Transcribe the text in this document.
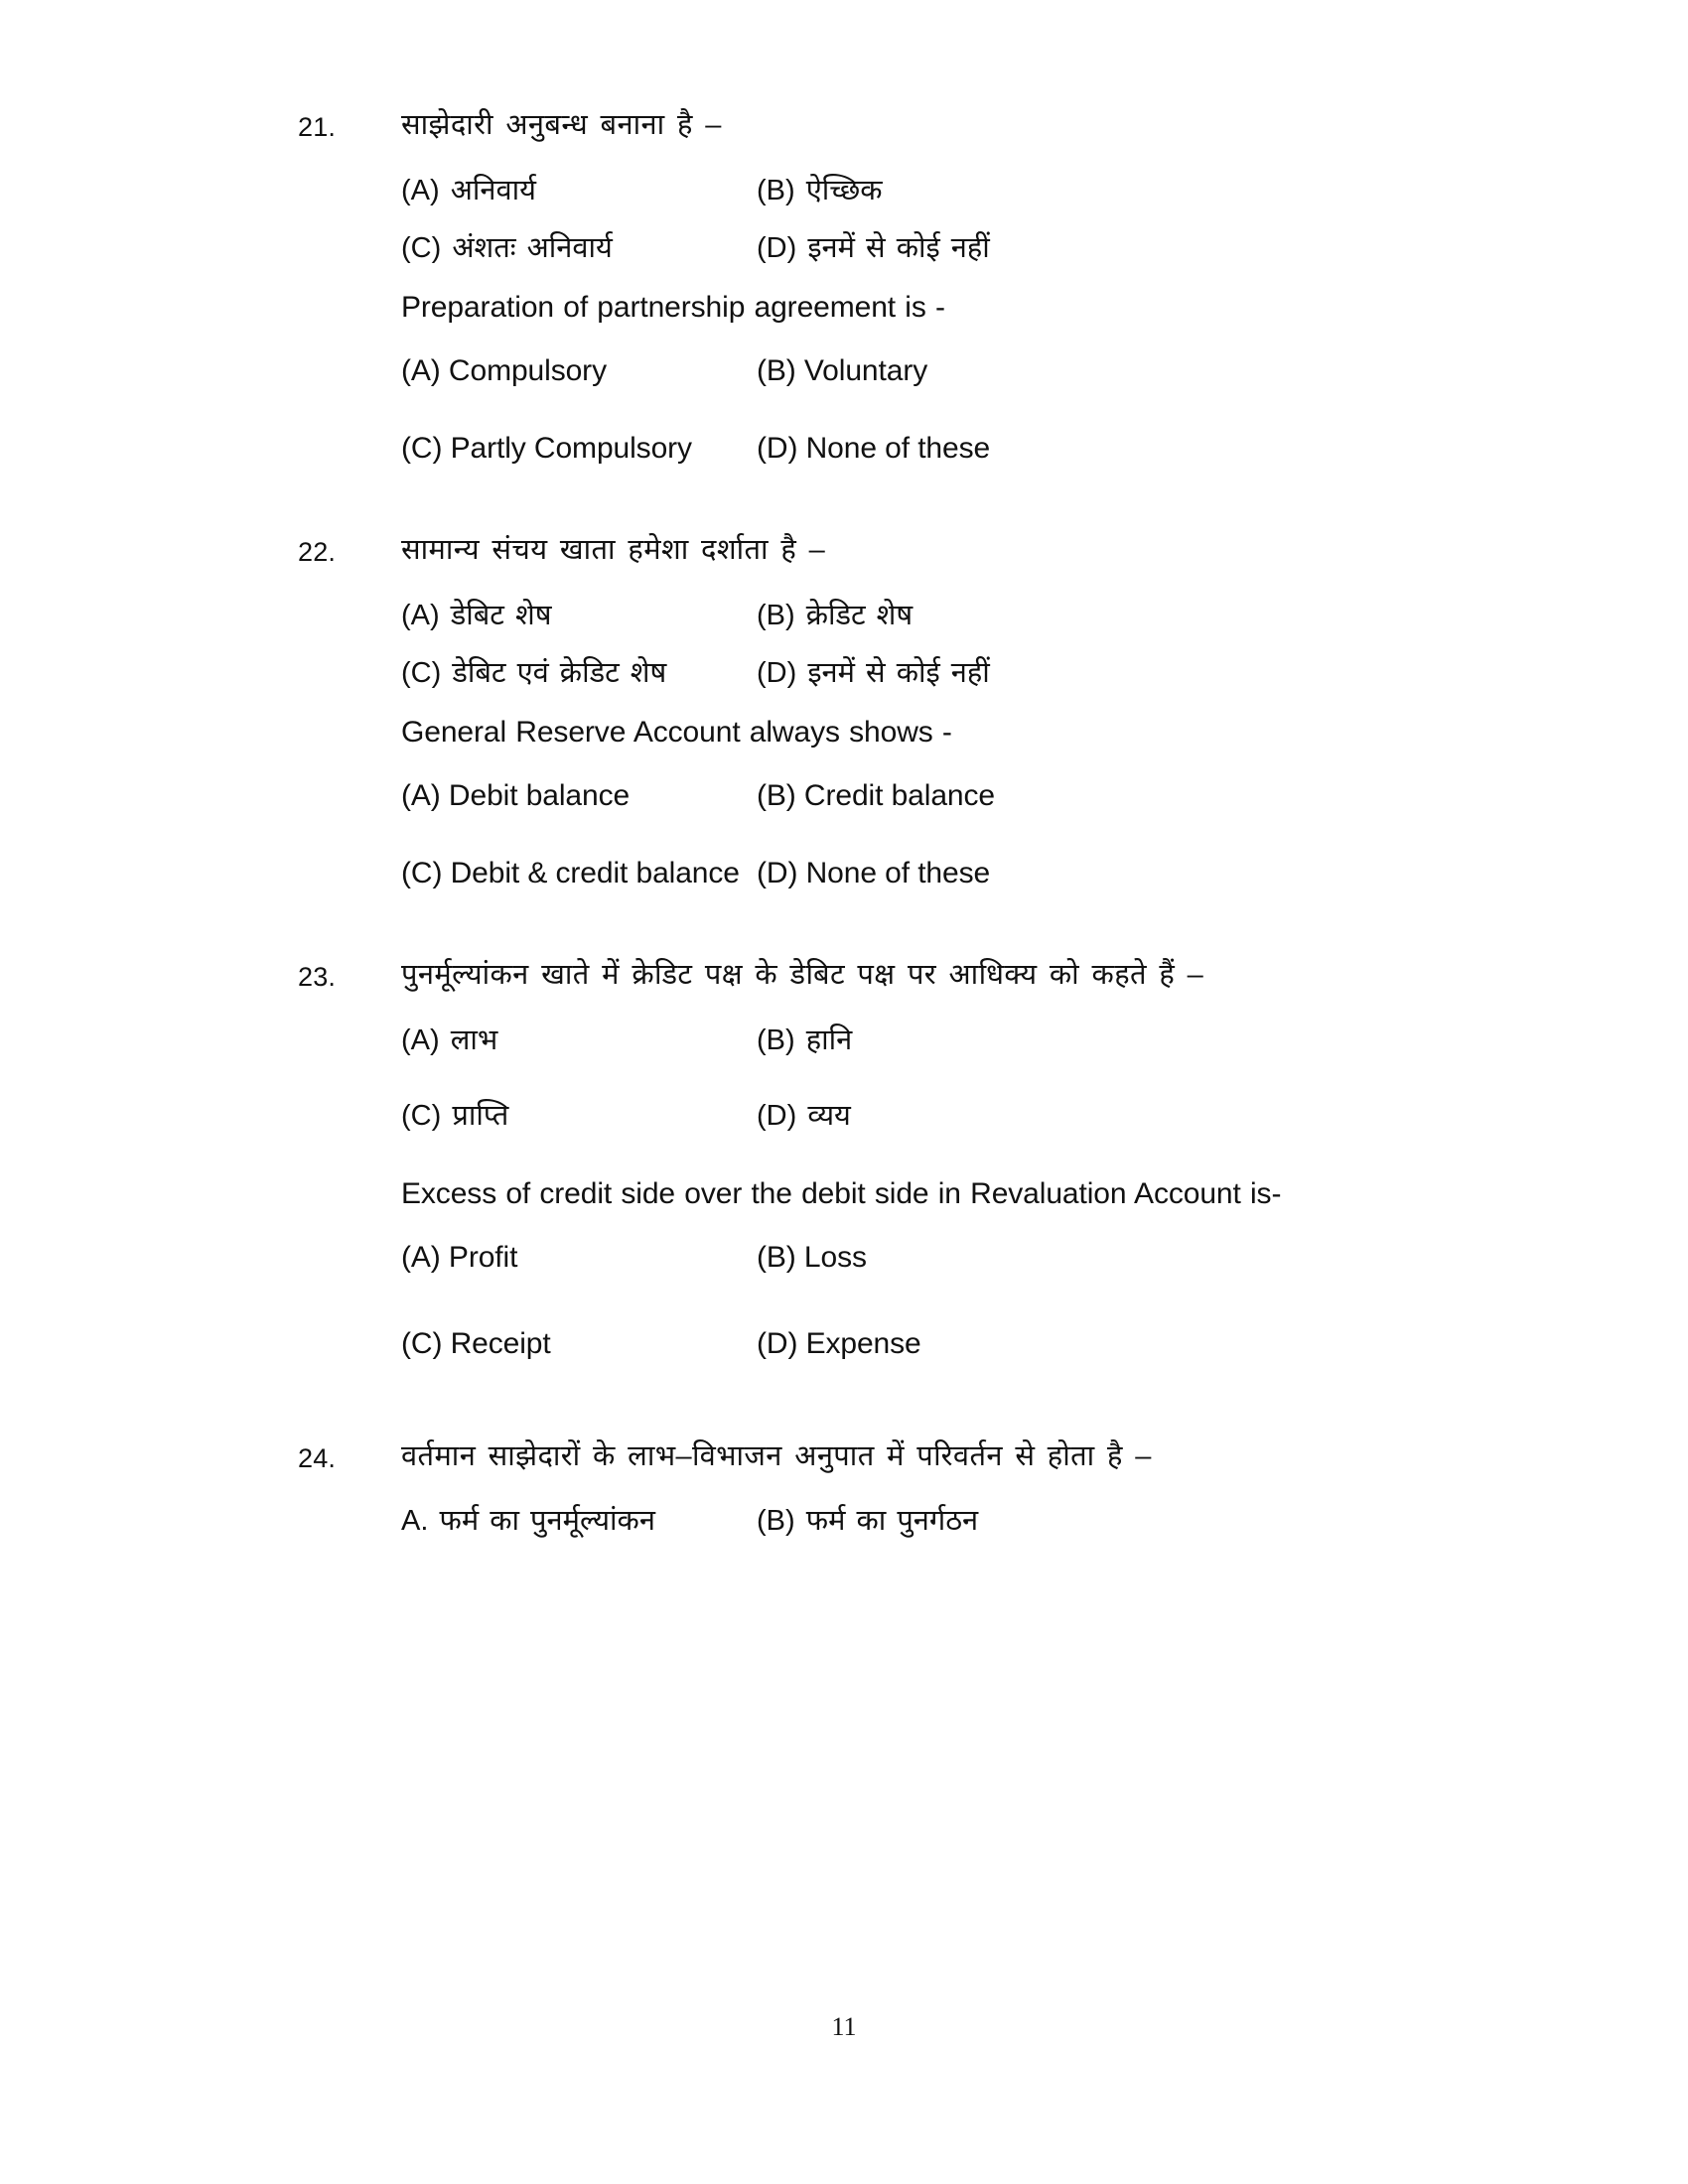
21.	साझेदारी अनुबन्ध बनाना है –
(A) अनिवार्य	(B) ऐच्छिक
(C) अंशतः अनिवार्य	(D) इनमें से कोई नहीं
Preparation of partnership agreement is -
(A) Compulsory	(B) Voluntary
(C) Partly Compulsory	(D) None of these
22.	सामान्य संचय खाता हमेशा दर्शाता है –
(A) डेबिट शेष	(B) क्रेडिट शेष
(C) डेबिट एवं क्रेडिट शेष	(D) इनमें से कोई नहीं
General Reserve Account always shows -
(A) Debit balance	(B) Credit balance
(C) Debit & credit balance (D) None of these
23.	पुनर्मूल्यांकन खाते में क्रेडिट पक्ष के डेबिट पक्ष पर आधिक्य को कहते हैं –
(A) लाभ	(B) हानि
(C) प्राप्ति	(D) व्यय
Excess of credit side over the debit side in Revaluation Account is-
(A) Profit	(B) Loss
(C) Receipt	(D) Expense
24.	वर्तमान साझेदारों के लाभ–विभाजन अनुपात में परिवर्तन से होता है –
A. फर्म का पुनर्मूल्यांकन	(B) फर्म का पुनर्गठन
11
